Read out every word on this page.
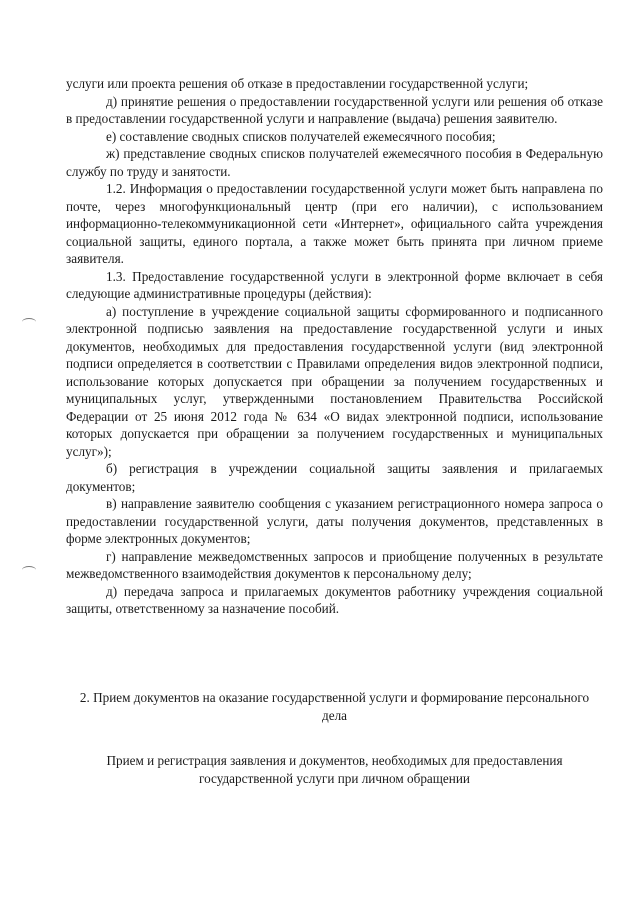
услуги или проекта решения об отказе в предоставлении государственной услуги;

д) принятие решения о предоставлении государственной услуги или решения об отказе в предоставлении государственной услуги и направление (выдача) решения заявителю.

е) составление сводных списков получателей ежемесячного пособия;

ж) представление сводных списков получателей ежемесячного пособия в Федеральную службу по труду и занятости.

1.2. Информация о предоставлении государственной услуги может быть направлена по почте, через многофункциональный центр (при его наличии), с использованием информационно-телекоммуникационной сети «Интернет», официального сайта учреждения социальной защиты, единого портала, а также может быть принята при личном приеме заявителя.

1.3. Предоставление государственной услуги в электронной форме включает в себя следующие административные процедуры (действия):

а) поступление в учреждение социальной защиты сформированного и подписанного электронной подписью заявления на предоставление государственной услуги и иных документов, необходимых для предоставления государственной услуги (вид электронной подписи определяется в соответствии с Правилами определения видов электронной подписи, использование которых допускается при обращении за получением государственных и муниципальных услуг, утвержденными постановлением Правительства Российской Федерации от 25 июня 2012 года № 634 «О видах электронной подписи, использование которых допускается при обращении за получением государственных и муниципальных услуг»);

б) регистрация в учреждении социальной защиты заявления и прилагаемых документов;

в) направление заявителю сообщения с указанием регистрационного номера запроса о предоставлении государственной услуги, даты получения документов, представленных в форме электронных документов;

г) направление межведомственных запросов и приобщение полученных в результате межведомственного взаимодействия документов к персональному делу;

д) передача запроса и прилагаемых документов работнику учреждения социальной защиты, ответственному за назначение пособий.

2. Прием документов на оказание государственной услуги и формирование персонального дела
Прием и регистрация заявления и документов, необходимых для предоставления государственной услуги при личном обращении
